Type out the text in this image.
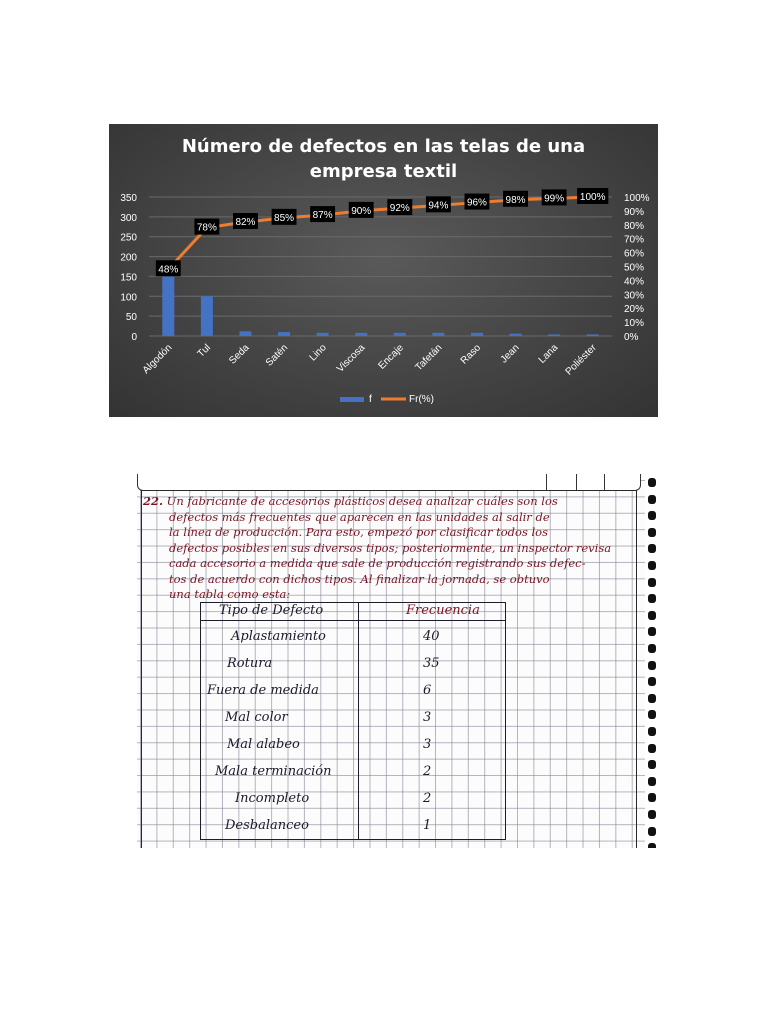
Número de defectos en las telas de una
empresa textil
0
50
100
150
200
250
300
350
0%
10%
20%
30%
40%
50%
60%
70%
80%
90%
100%
Algodón Tul Seda Satén Lino Viscosa Encaje Tafetán Raso Jean Lana Poliéster
48%
78%
82% 85% 87% 90% 92% 94% 96% 98% 99% 100%
f	Fr(%)
22. Un fabricante de accesorios plásticos desea analizar cuáles son los
defectos más frecuentes que aparecen en las unidades al salir de
la línea de producción. Para esto, empezó por clasificar todos los
defectos posibles en sus diversos tipos; posteriormente, un inspector revisa
cada accesorio a medida que sale de producción registrando sus defec-
tos de acuerdo con dichos tipos. Al finalizar la jornada, se obtuvo
una tabla como esta:
Tipo de Defecto	Frecuencia
Aplastamiento	40
Rotura	35
Fuera de medida	6
Mal color	3
Mal alabeo	3
Mala terminación	2
Incompleto	2
Desbalanceo	1
